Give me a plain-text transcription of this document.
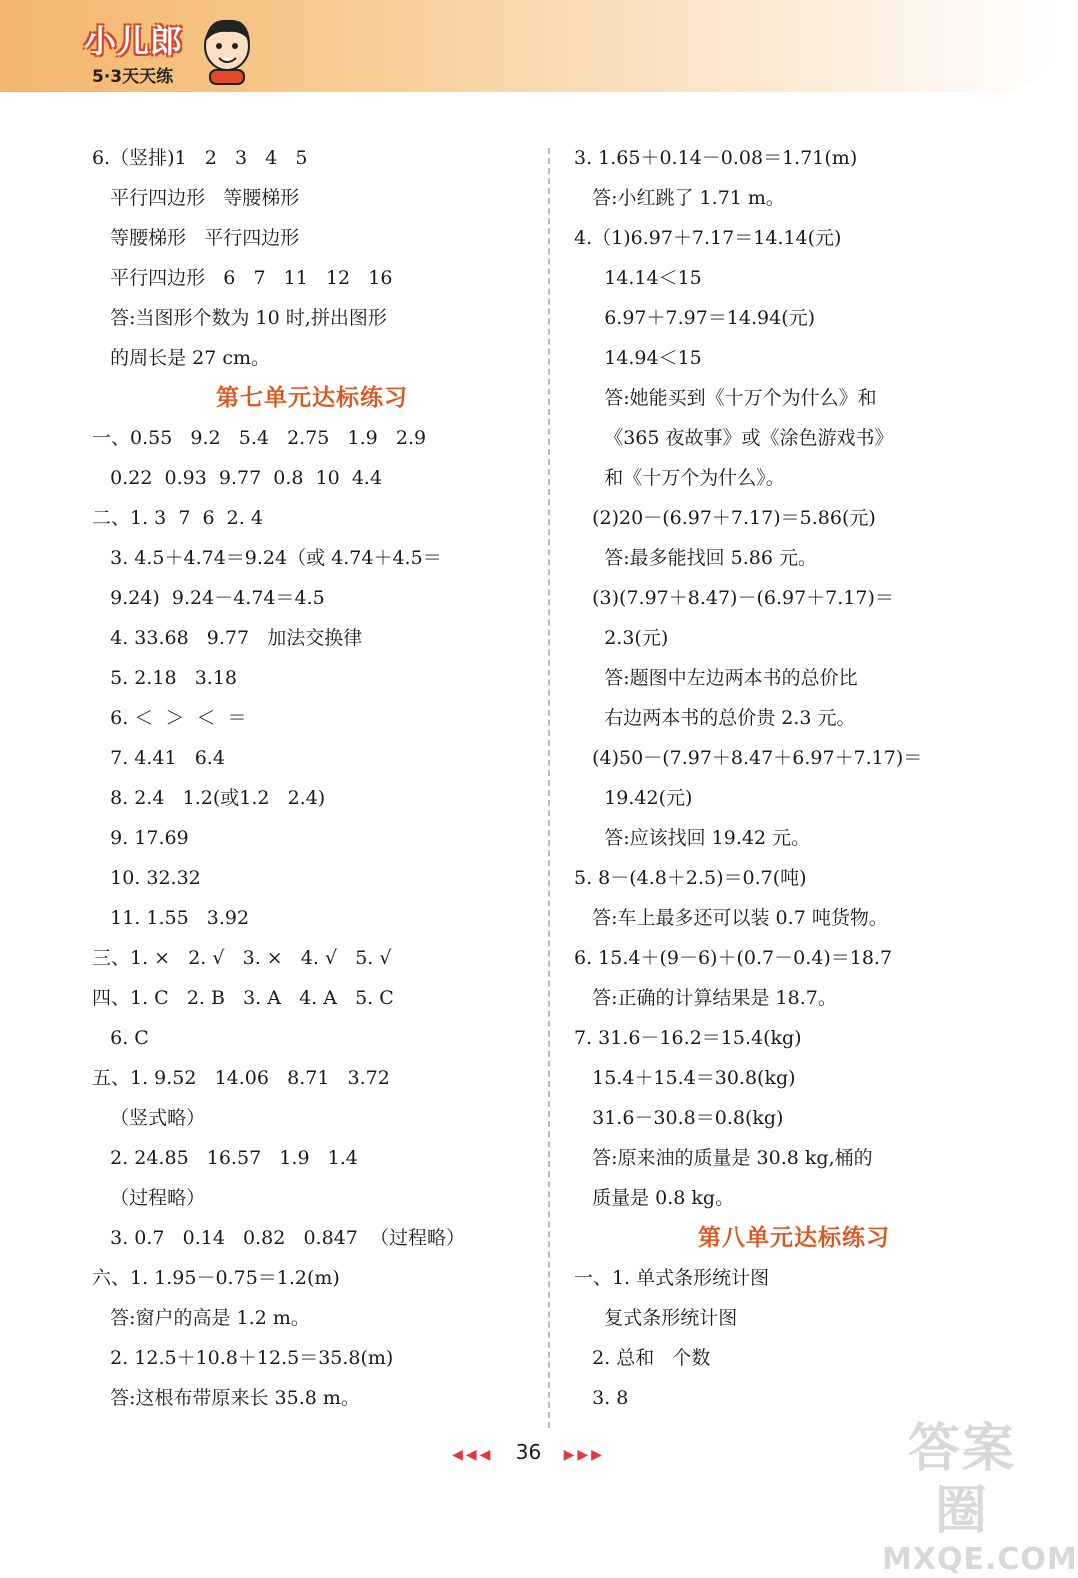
小儿郎
5·3天天练
6.（竖排)1   2   3   4   5
平行四边形   等腰梯形
等腰梯形   平行四边形
平行四边形   6   7   11   12   16
答:当图形个数为 10 时,拼出图形
的周长是 27 cm。
第七单元达标练习
一、0.55   9.2   5.4   2.75   1.9   2.9
0.22  0.93  9.77  0.8  10  4.4
二、1. 3  7  6  2. 4
3. 4.5＋4.74＝9.24（或 4.74＋4.5＝
9.24)  9.24－4.74＝4.5
4. 33.68   9.77   加法交换律
5. 2.18   3.18
6. ＜  ＞  ＜  ＝
7. 4.41   6.4
8. 2.4   1.2(或1.2   2.4)
9. 17.69
10. 32.32
11. 1.55   3.92
三、1. ×   2. √   3. ×   4. √   5. √
四、1. C   2. B   3. A   4. A   5. C
6. C
五、1. 9.52   14.06   8.71   3.72
（竖式略）
2. 24.85   16.57   1.9   1.4
（过程略）
3. 0.7   0.14   0.82   0.847  （过程略）
六、1. 1.95－0.75＝1.2(m)
答:窗户的高是 1.2 m。
2. 12.5＋10.8＋12.5＝35.8(m)
答:这根布带原来长 35.8 m。
3. 1.65＋0.14－0.08＝1.71(m)
答:小红跳了 1.71 m。
4.（1)6.97＋7.17＝14.14(元)
14.14＜15
6.97＋7.97＝14.94(元)
14.94＜15
答:她能买到《十万个为什么》和
《365 夜故事》或《涂色游戏书》
和《十万个为什么》。
(2)20－(6.97＋7.17)＝5.86(元)
答:最多能找回 5.86 元。
(3)(7.97＋8.47)－(6.97＋7.17)＝
2.3(元)
答:题图中左边两本书的总价比
右边两本书的总价贵 2.3 元。
(4)50－(7.97＋8.47＋6.97＋7.17)＝
19.42(元)
答:应该找回 19.42 元。
5. 8－(4.8＋2.5)＝0.7(吨)
答:车上最多还可以装 0.7 吨货物。
6. 15.4＋(9－6)＋(0.7－0.4)＝18.7
答:正确的计算结果是 18.7。
7. 31.6－16.2＝15.4(kg)
15.4＋15.4＝30.8(kg)
31.6－30.8＝0.8(kg)
答:原来油的质量是 30.8 kg,桶的
质量是 0.8 kg。
第八单元达标练习
一、1. 单式条形统计图
复式条形统计图
2. 总和   个数
3. 8
◀◀◀ 36 ▶▶▶	答案圈
MXQE.COM
